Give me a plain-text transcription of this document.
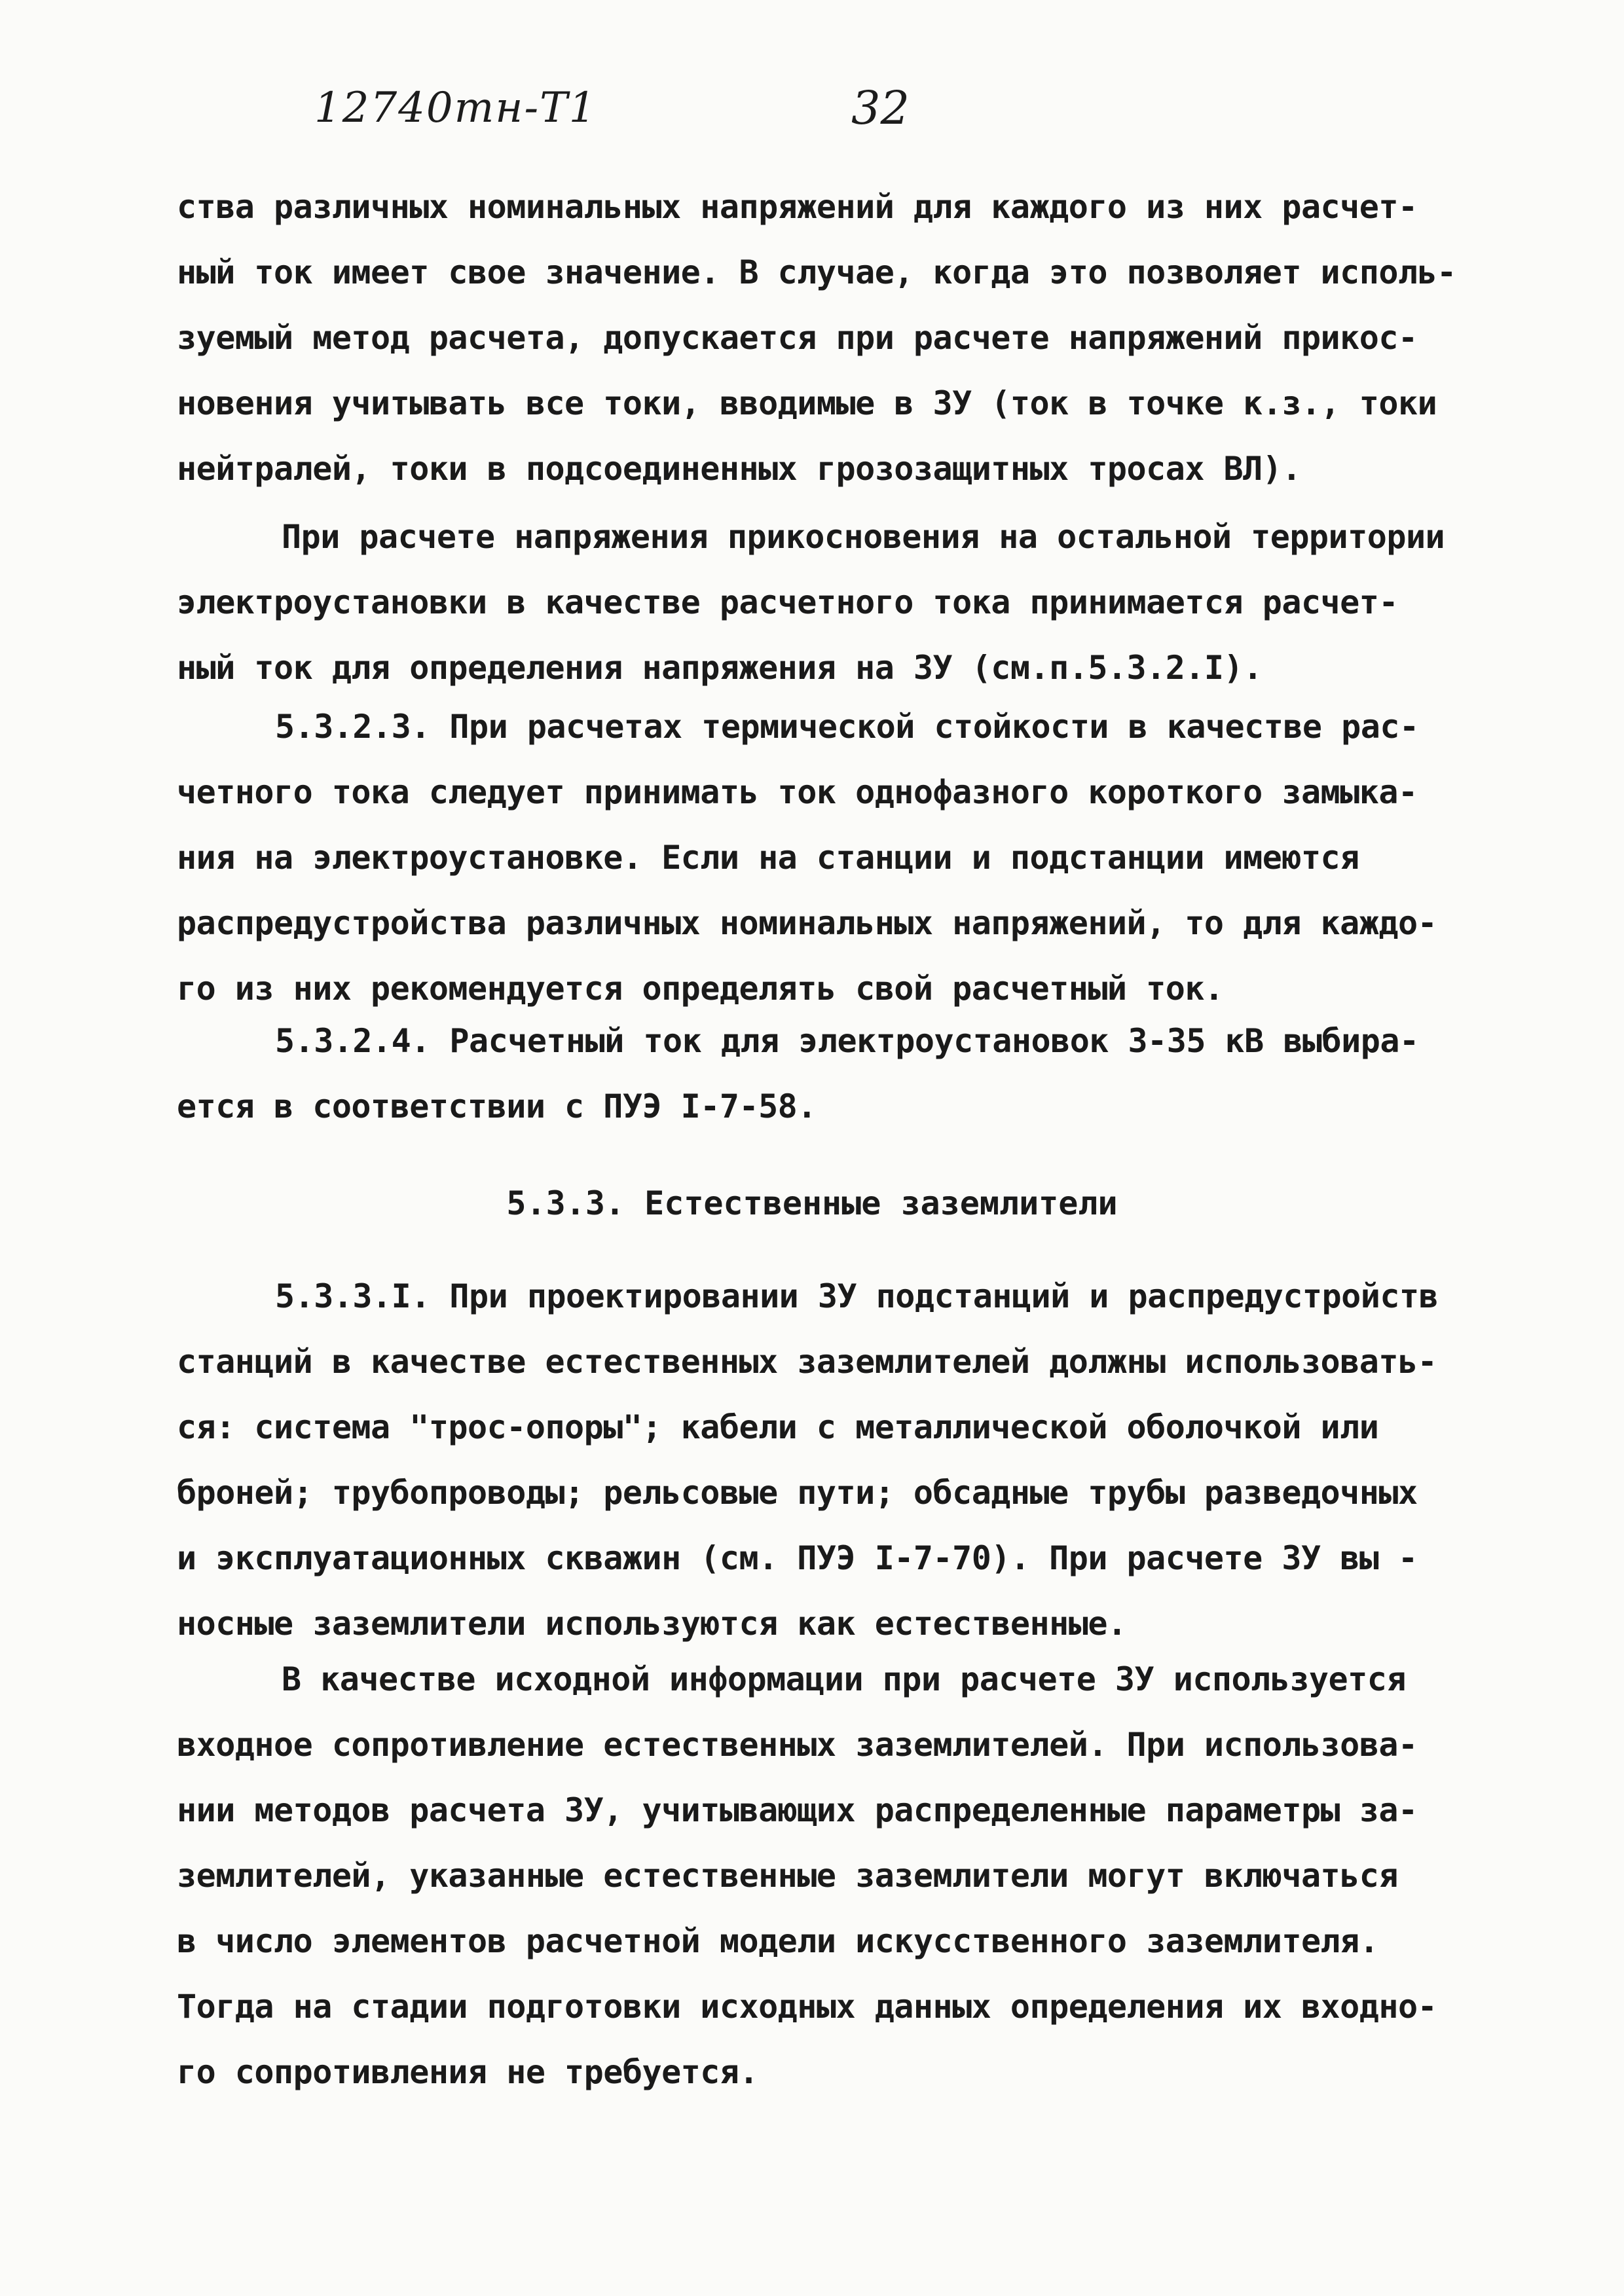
12740тн-Т1	32
ства различных номинальных напряжений для каждого из них расчет-
ный ток имеет свое значение. В случае, когда это позволяет исполь-
зуемый метод расчета, допускается при расчете напряжений прикос-
новения учитывать все токи, вводимые в ЗУ (ток в точке к.з., токи
нейтралей, токи в подсоединенных грозозащитных тросах ВЛ).
При расчете напряжения прикосновения на остальной территории
электроустановки в качестве расчетного тока принимается расчет-
ный ток для определения напряжения на ЗУ (см.п.5.3.2.I).
5.3.2.3. При расчетах термической стойкости в качестве рас-
четного тока следует принимать ток однофазного короткого замыка-
ния на электроустановке. Если на станции и подстанции имеются
распредустройства различных номинальных напряжений, то для каждо-
го из них рекомендуется определять свой расчетный ток.
5.3.2.4. Расчетный ток для электроустановок 3-35 кВ выбира-
ется в соответствии с ПУЭ I-7-58.
5.3.3. Естественные заземлители
5.3.3.I. При проектировании ЗУ подстанций и распредустройств
станций в качестве естественных заземлителей должны использовать-
ся: система "трос-опоры"; кабели с металлической оболочкой или
броней; трубопроводы; рельсовые пути; обсадные трубы разведочных
и эксплуатационных скважин (см. ПУЭ I-7-70). При расчете ЗУ вы -
носные заземлители используются как естественные.
В качестве исходной информации при расчете ЗУ используется
входное сопротивление естественных заземлителей. При использова-
нии методов расчета ЗУ, учитывающих распределенные параметры за-
землителей, указанные естественные заземлители могут включаться
в число элементов расчетной модели искусственного заземлителя.
Тогда на стадии подготовки исходных данных определения их входно-
го сопротивления не требуется.
